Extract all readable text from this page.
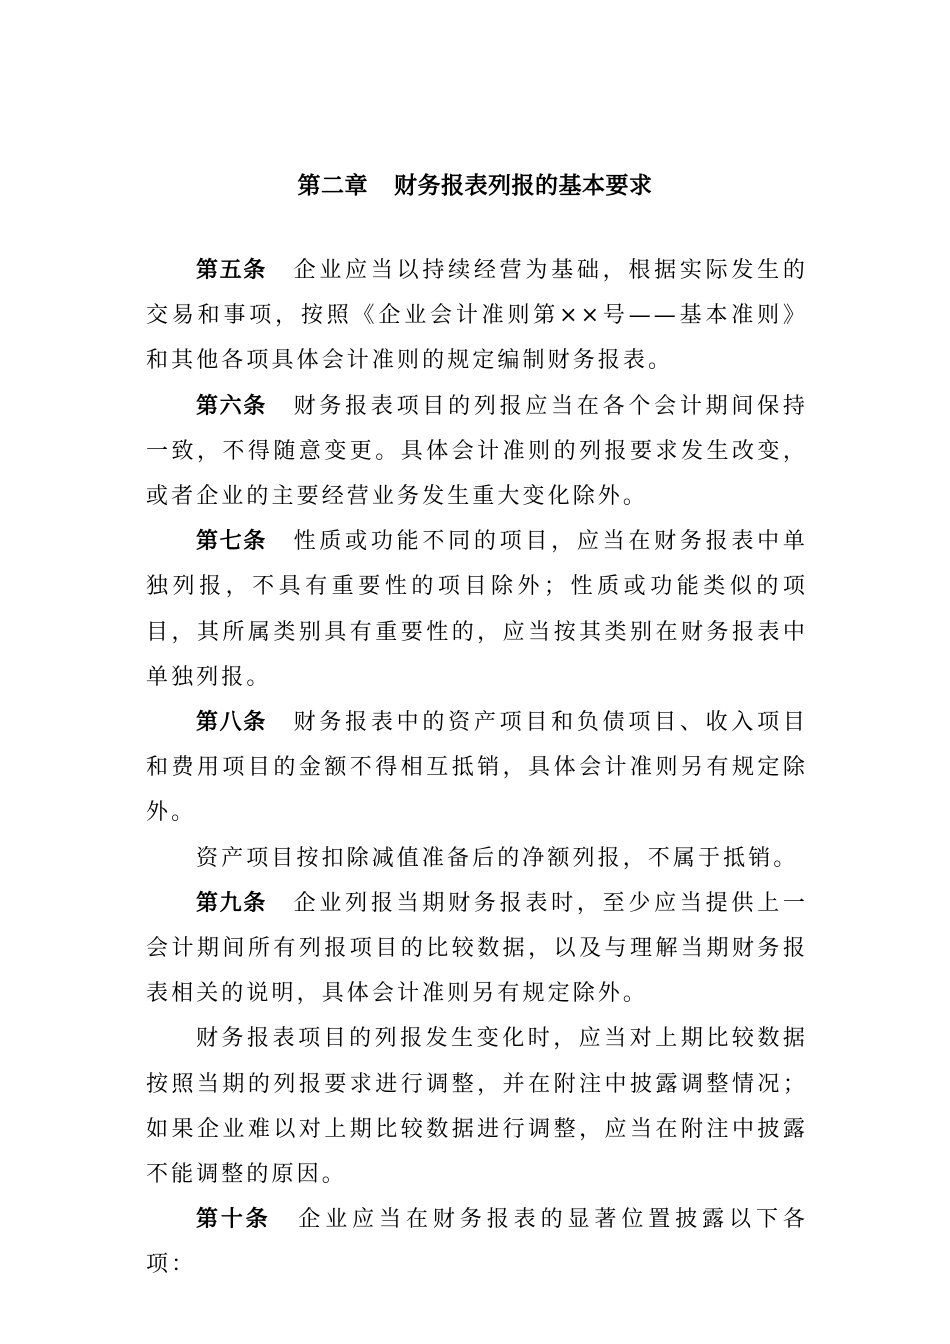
第二章 财务报表列报的基本要求

第五条 企业应当以持续经营为基础，根据实际发生的交易和事项，按照《企业会计准则第××号——基本准则》和其他各项具体会计准则的规定编制财务报表。

第六条 财务报表项目的列报应当在各个会计期间保持一致，不得随意变更。具体会计准则的列报要求发生改变，或者企业的主要经营业务发生重大变化除外。

第七条 性质或功能不同的项目，应当在财务报表中单独列报，不具有重要性的项目除外；性质或功能类似的项目，其所属类别具有重要性的，应当按其类别在财务报表中单独列报。

第八条 财务报表中的资产项目和负债项目、收入项目和费用项目的金额不得相互抵销，具体会计准则另有规定除外。

资产项目按扣除减值准备后的净额列报，不属于抵销。

第九条 企业列报当期财务报表时，至少应当提供上一会计期间所有列报项目的比较数据，以及与理解当期财务报表相关的说明，具体会计准则另有规定除外。

财务报表项目的列报发生变化时，应当对上期比较数据按照当期的列报要求进行调整，并在附注中披露调整情况；如果企业难以对上期比较数据进行调整，应当在附注中披露不能调整的原因。

第十条 企业应当在财务报表的显著位置披露以下各项：
